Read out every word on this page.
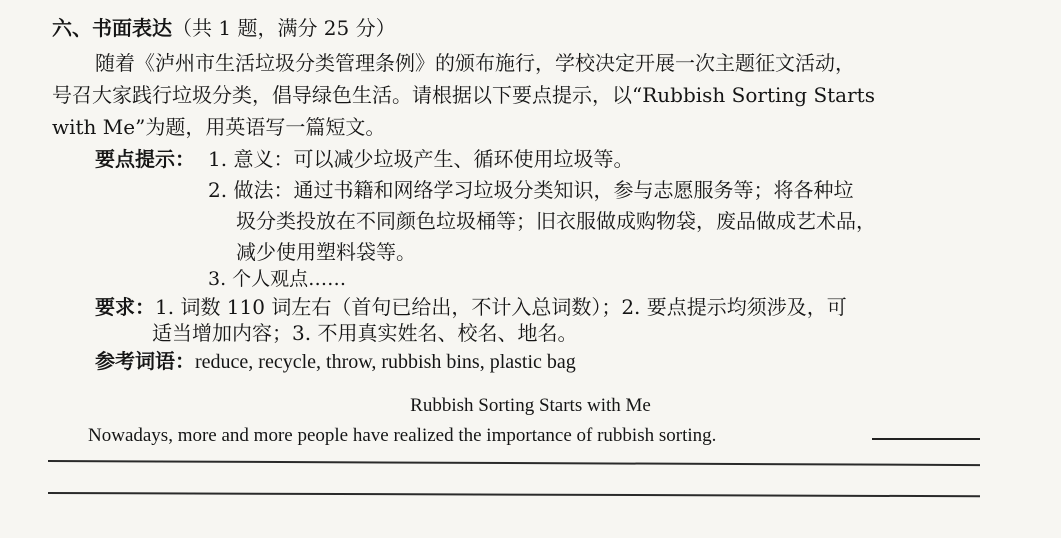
六、书面表达（共 1 题，满分 25 分）
随着《泸州市生活垃圾分类管理条例》的颁布施行，学校决定开展一次主题征文活动，
号召大家践行垃圾分类，倡导绿色生活。请根据以下要点提示，以“Rubbish Sorting Starts
with Me”为题，用英语写一篇短文。
要点提示： 1. 意义：可以减少垃圾产生、循环使用垃圾等。
2. 做法：通过书籍和网络学习垃圾分类知识，参与志愿服务等；将各种垃
圾分类投放在不同颜色垃圾桶等；旧衣服做成购物袋，废品做成艺术品，
减少使用塑料袋等。
3. 个人观点……
要求：1. 词数 110 词左右（首句已给出，不计入总词数）；2. 要点提示均须涉及，可
适当增加内容；3. 不用真实姓名、校名、地名。
参考词语：reduce, recycle, throw, rubbish bins, plastic bag
Rubbish Sorting Starts with Me
Nowadays, more and more people have realized the importance of rubbish sorting.
